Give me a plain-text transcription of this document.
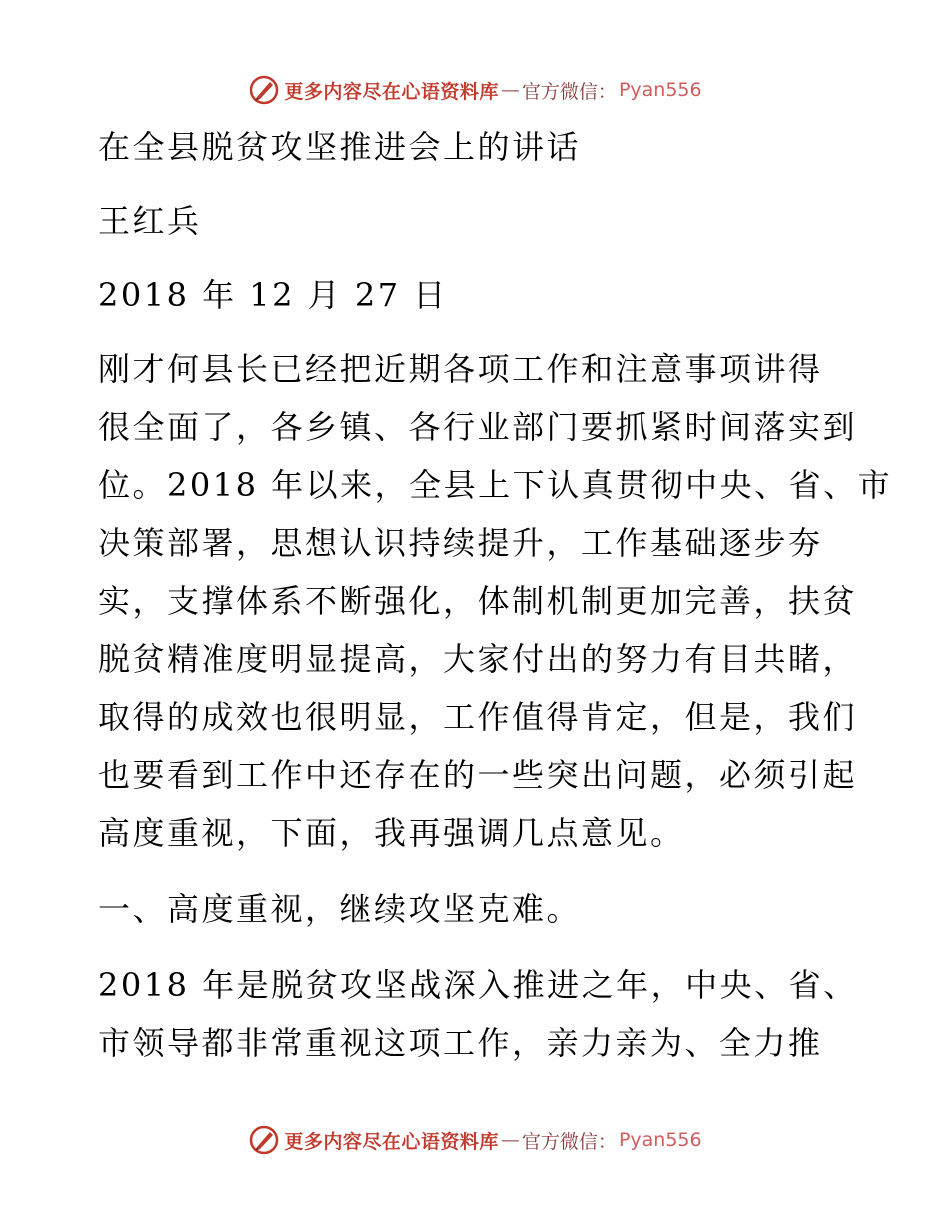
更多内容尽在心语资料库 — 官方微信： Pyan556
在全县脱贫攻坚推进会上的讲话
王红兵
2018 年 12 月 27 日
刚才何县长已经把近期各项工作和注意事项讲得
很全面了，各乡镇、各行业部门要抓紧时间落实到
位。2018 年以来，全县上下认真贯彻中央、省、市
决策部署，思想认识持续提升，工作基础逐步夯
实，支撑体系不断强化，体制机制更加完善，扶贫
脱贫精准度明显提高，大家付出的努力有目共睹，
取得的成效也很明显，工作值得肯定，但是，我们
也要看到工作中还存在的一些突出问题，必须引起
高度重视，下面，我再强调几点意见。
一、高度重视，继续攻坚克难。
2018 年是脱贫攻坚战深入推进之年，中央、省、
市领导都非常重视这项工作，亲力亲为、全力推
更多内容尽在心语资料库 — 官方微信： Pyan556
